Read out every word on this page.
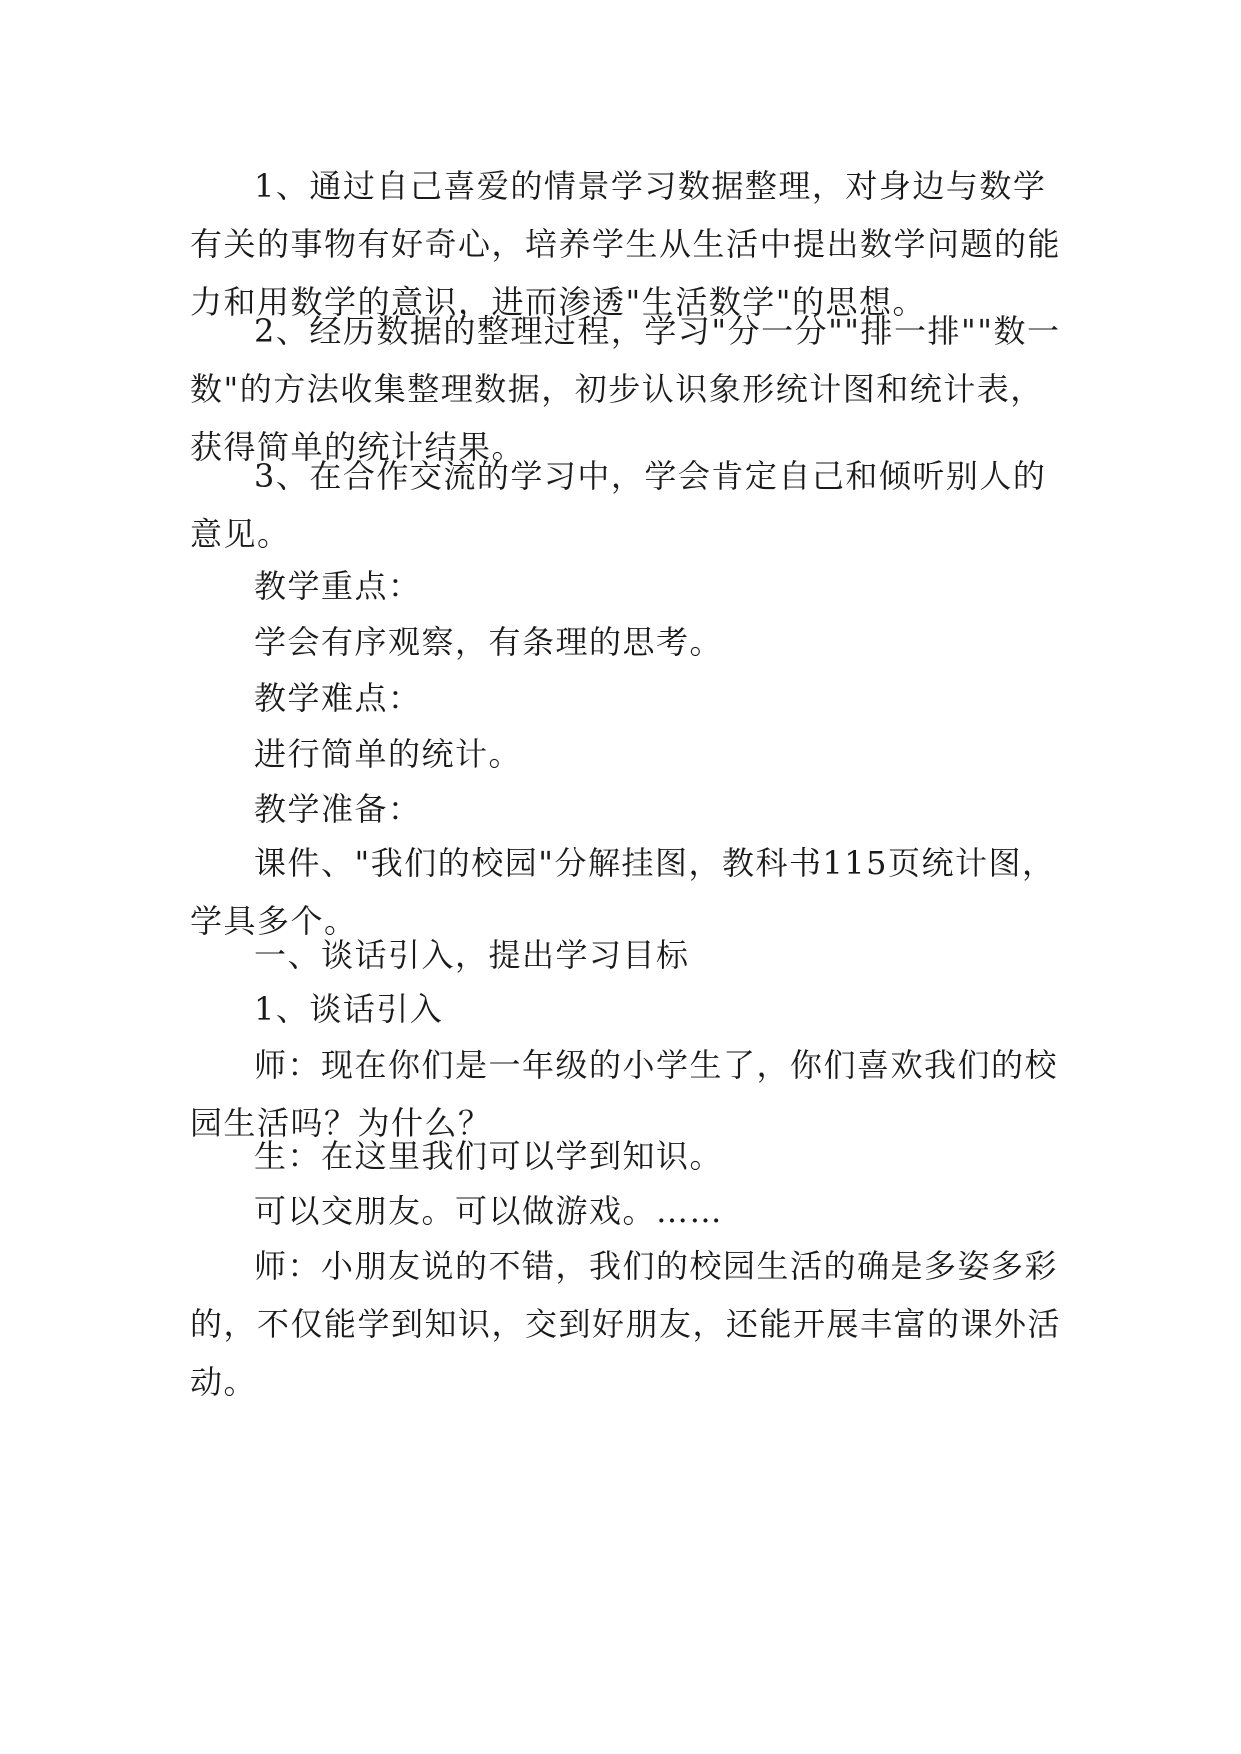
1、通过自己喜爱的情景学习数据整理，对身边与数学有关的事物有好奇心，培养学生从生活中提出数学问题的能力和用数学的意识，进而渗透"生活数学"的思想。

2、经历数据的整理过程，学习"分一分""排一排""数一数"的方法收集整理数据，初步认识象形统计图和统计表，获得简单的统计结果。

3、在合作交流的学习中，学会肯定自己和倾听别人的意见。

教学重点：

学会有序观察，有条理的思考。

教学难点：

进行简单的统计。

教学准备：

课件、"我们的校园"分解挂图，教科书115页统计图，学具多个。

一、谈话引入，提出学习目标

1、谈话引入

师：现在你们是一年级的小学生了，你们喜欢我们的校园生活吗？为什么？

生：在这里我们可以学到知识。

可以交朋友。可以做游戏。……

师：小朋友说的不错，我们的校园生活的确是多姿多彩的，不仅能学到知识，交到好朋友，还能开展丰富的课外活动。
